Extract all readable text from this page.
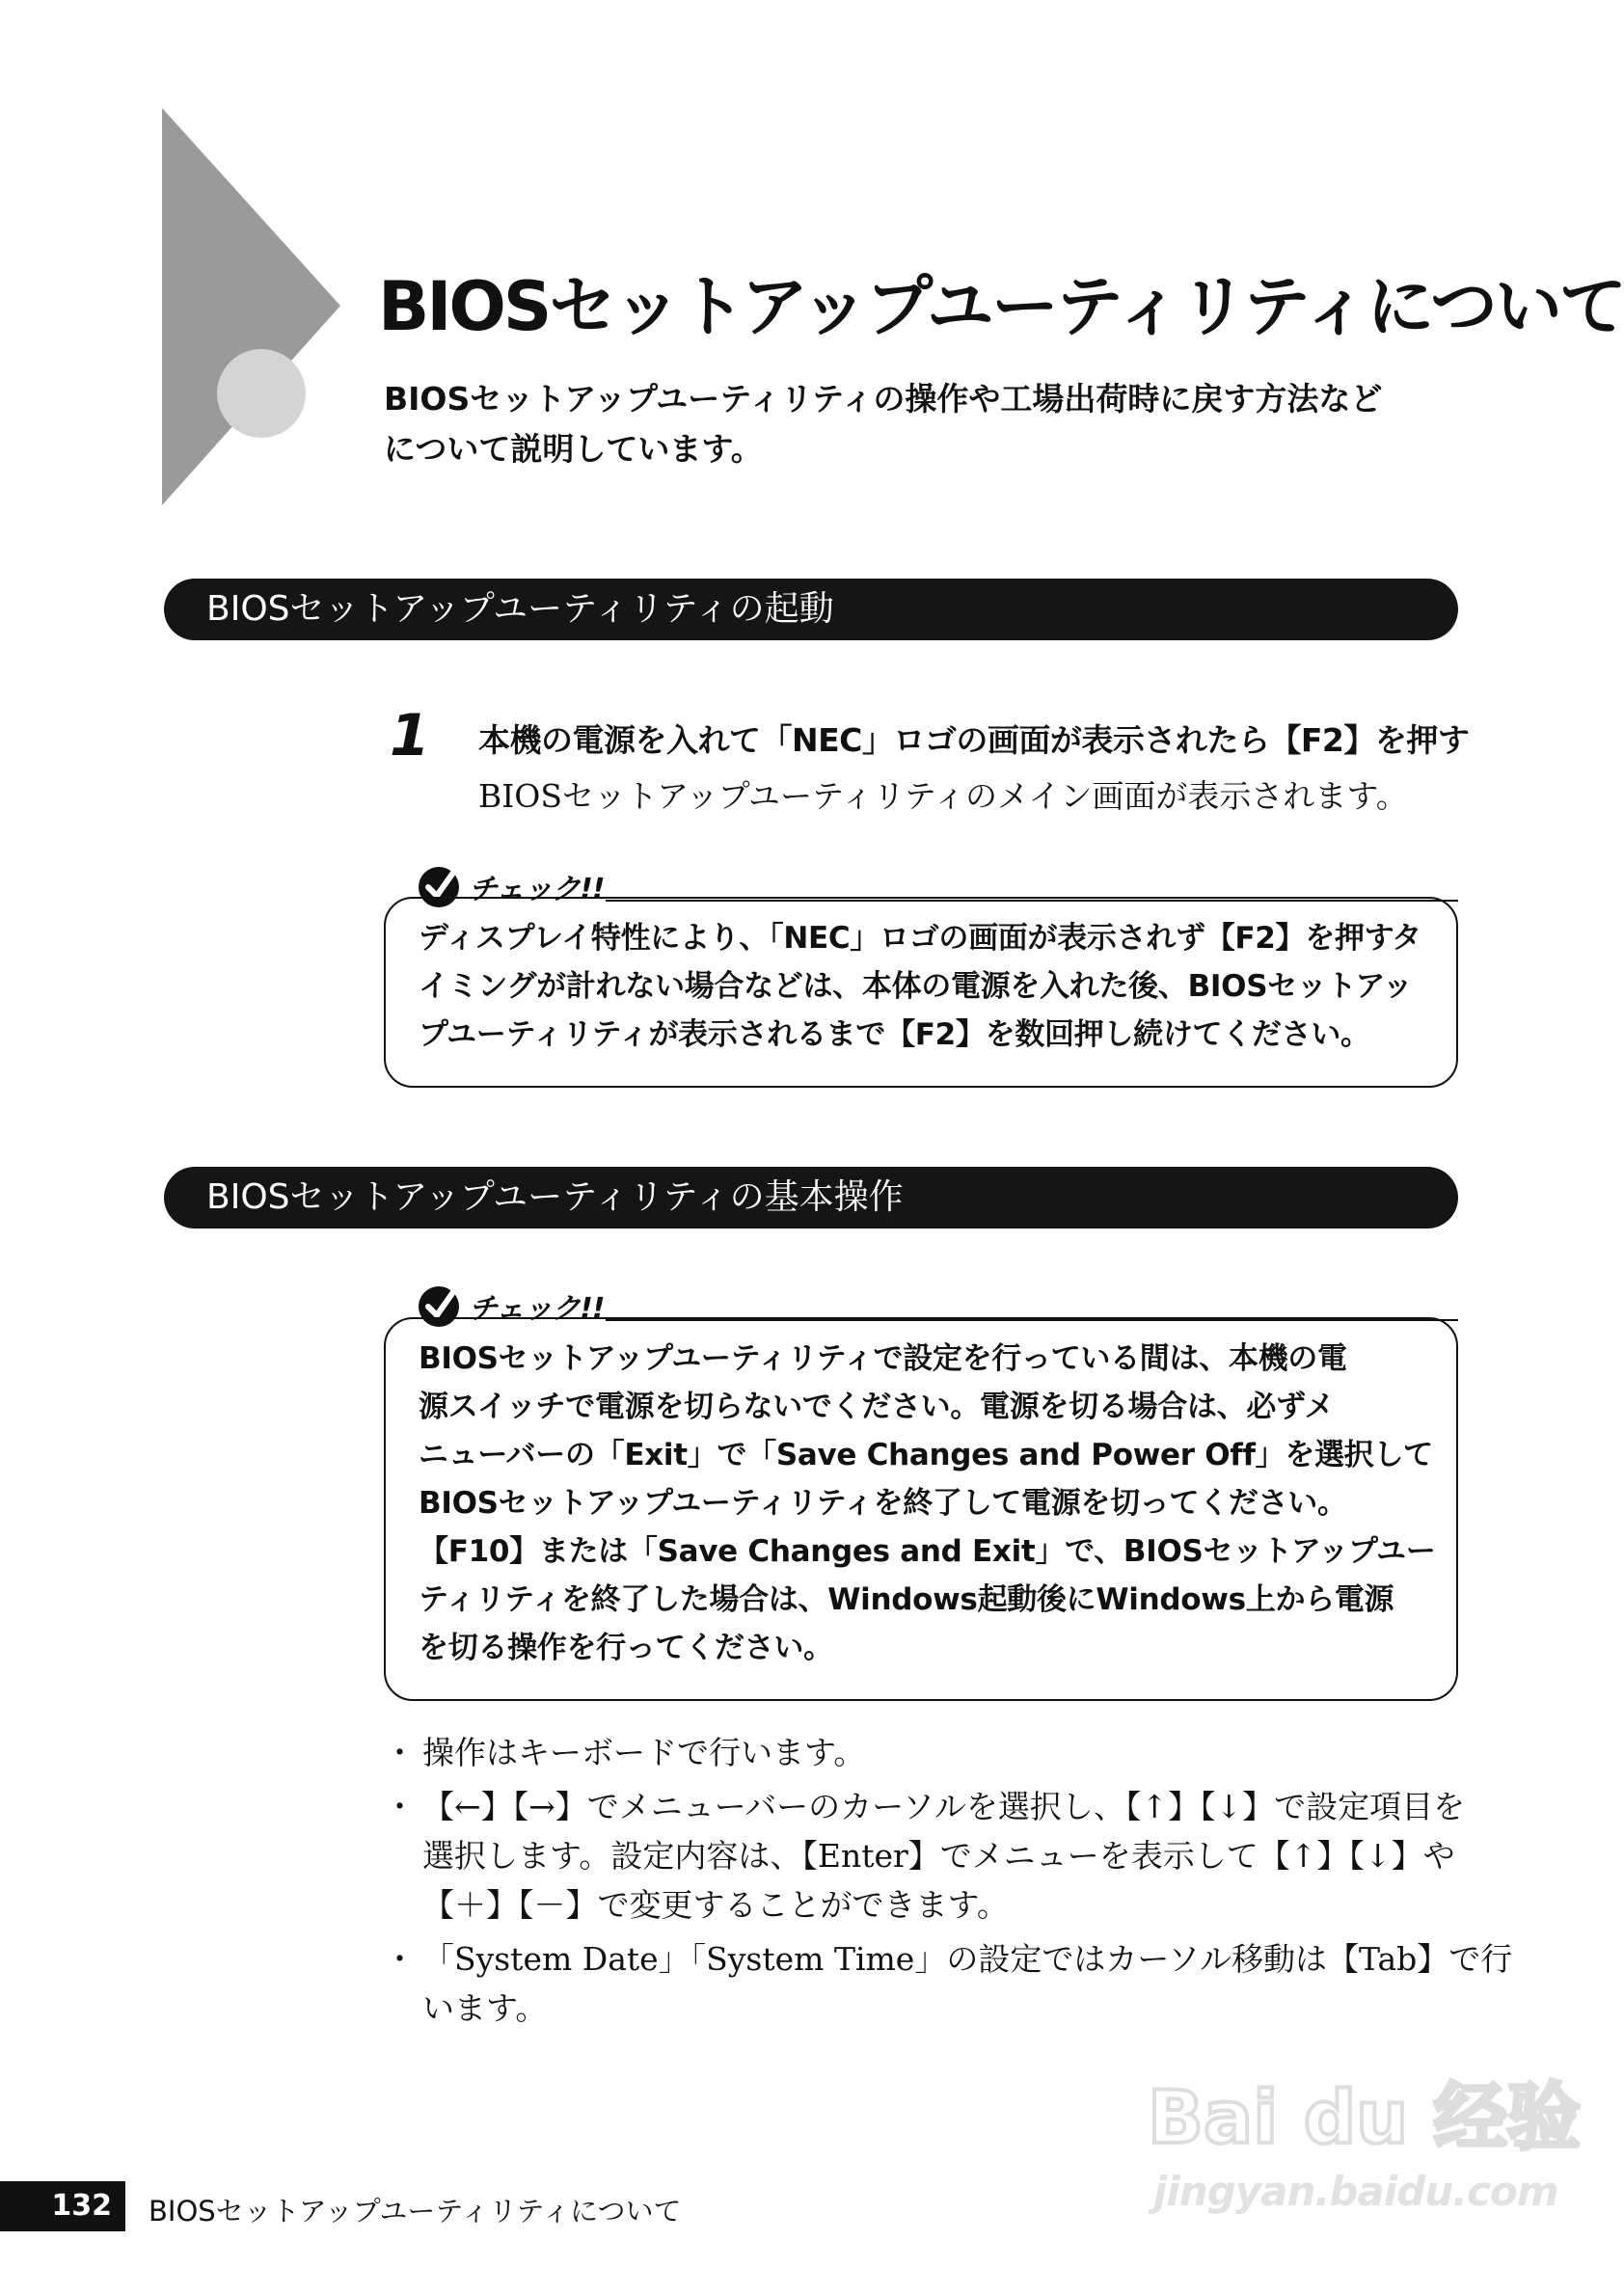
BIOSセットアップユーティリティについて
BIOSセットアップユーティリティの操作や工場出荷時に戻す方法など
について説明しています。
BIOSセットアップユーティリティの起動
1 本機の電源を入れて「NEC」ロゴの画面が表示されたら【F2】を押す
BIOSセットアップユーティリティのメイン画面が表示されます。
チェック!!
ディスプレイ特性により、「NEC」ロゴの画面が表示されず【F2】を押すタ
イミングが計れない場合などは、本体の電源を入れた後、BIOSセットアッ
プユーティリティが表示されるまで【F2】を数回押し続けてください。
BIOSセットアップユーティリティの基本操作
チェック!!
BIOSセットアップユーティリティで設定を行っている間は、本機の電
源スイッチで電源を切らないでください。電源を切る場合は、必ずメ
ニューバーの「Exit」で「Save Changes and Power Off」を選択して
BIOSセットアップユーティリティを終了して電源を切ってください。
【F10】または「Save Changes and Exit」で、BIOSセットアップユー
ティリティを終了した場合は、Windows起動後にWindows上から電源
を切る操作を行ってください。
・ 操作はキーボードで行います。
・ 【←】【→】でメニューバーのカーソルを選択し、【↑】【↓】で設定項目を
選択します。設定内容は、【Enter】でメニューを表示して【↑】【↓】や
【＋】【－】で変更することができます。
・ 「System Date」「System Time」の設定ではカーソル移動は【Tab】で行
います。
Bai du 经验
jingyan.baidu.com
132	BIOSセットアップユーティリティについて
